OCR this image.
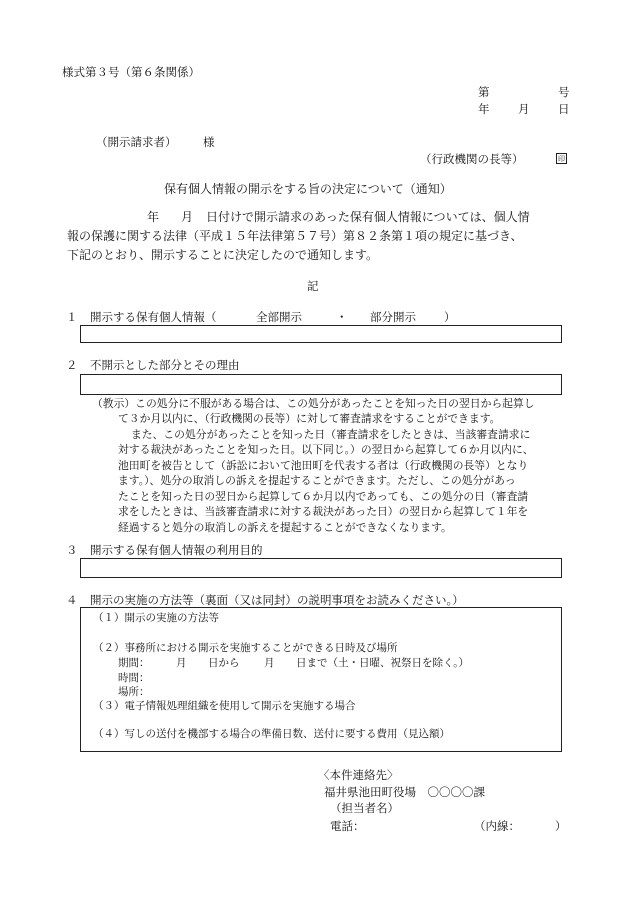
様式第３号（第６条関係）
第	号
年 月 日
（開示請求者） 様
（行政機関の長等）	印
保有個人情報の開示をする旨の決定について（通知）
年 月 日付けで開示請求のあった保有個人情報については、個人情
報の保護に関する法律（平成１５年法律第５７号）第８２条第１項の規定に基づき、
下記のとおり、開示することに決定したので通知します。
記
１ 開示する保有個人情報（	全部開示	・ 部分開示 ）
２ 不開示とした部分とその理由
（教示）この処分に不服がある場合は、この処分があったことを知った日の翌日から起算し
て３か月以内に、（行政機関の長等）に対して審査請求をすることができます。
また、この処分があったことを知った日（審査請求をしたときは、当該審査請求に
対する裁決があったことを知った日。以下同じ。）の翌日から起算して６か月以内に、
池田町を被告として（訴訟において池田町を代表する者は（行政機関の長等）となり
ます。）、処分の取消しの訴えを提起することができます。ただし、この処分があっ
たことを知った日の翌日から起算して６か月以内であっても、この処分の日（審査請
求をしたときは、当該審査請求に対する裁決があった日）の翌日から起算して１年を
経過すると処分の取消しの訴えを提起することができなくなります。
３ 開示する保有個人情報の利用目的
４ 開示の実施の方法等（裏面（又は同封）の説明事項をお読みください。）
（１）開示の実施の方法等
（２）事務所における開示を実施することができる日時及び場所
期間：	月 日から 月 日まで（土・日曜、祝祭日を除く。）
時間：
場所：
（３）電子情報処理組織を使用して開示を実施する場合
（４）写しの送付を機部する場合の準備日数、送付に要する費用（見込額）
〈本件連絡先〉
福井県池田町役場　〇〇〇〇課
（担当者名）
電話：	（内線：	）
